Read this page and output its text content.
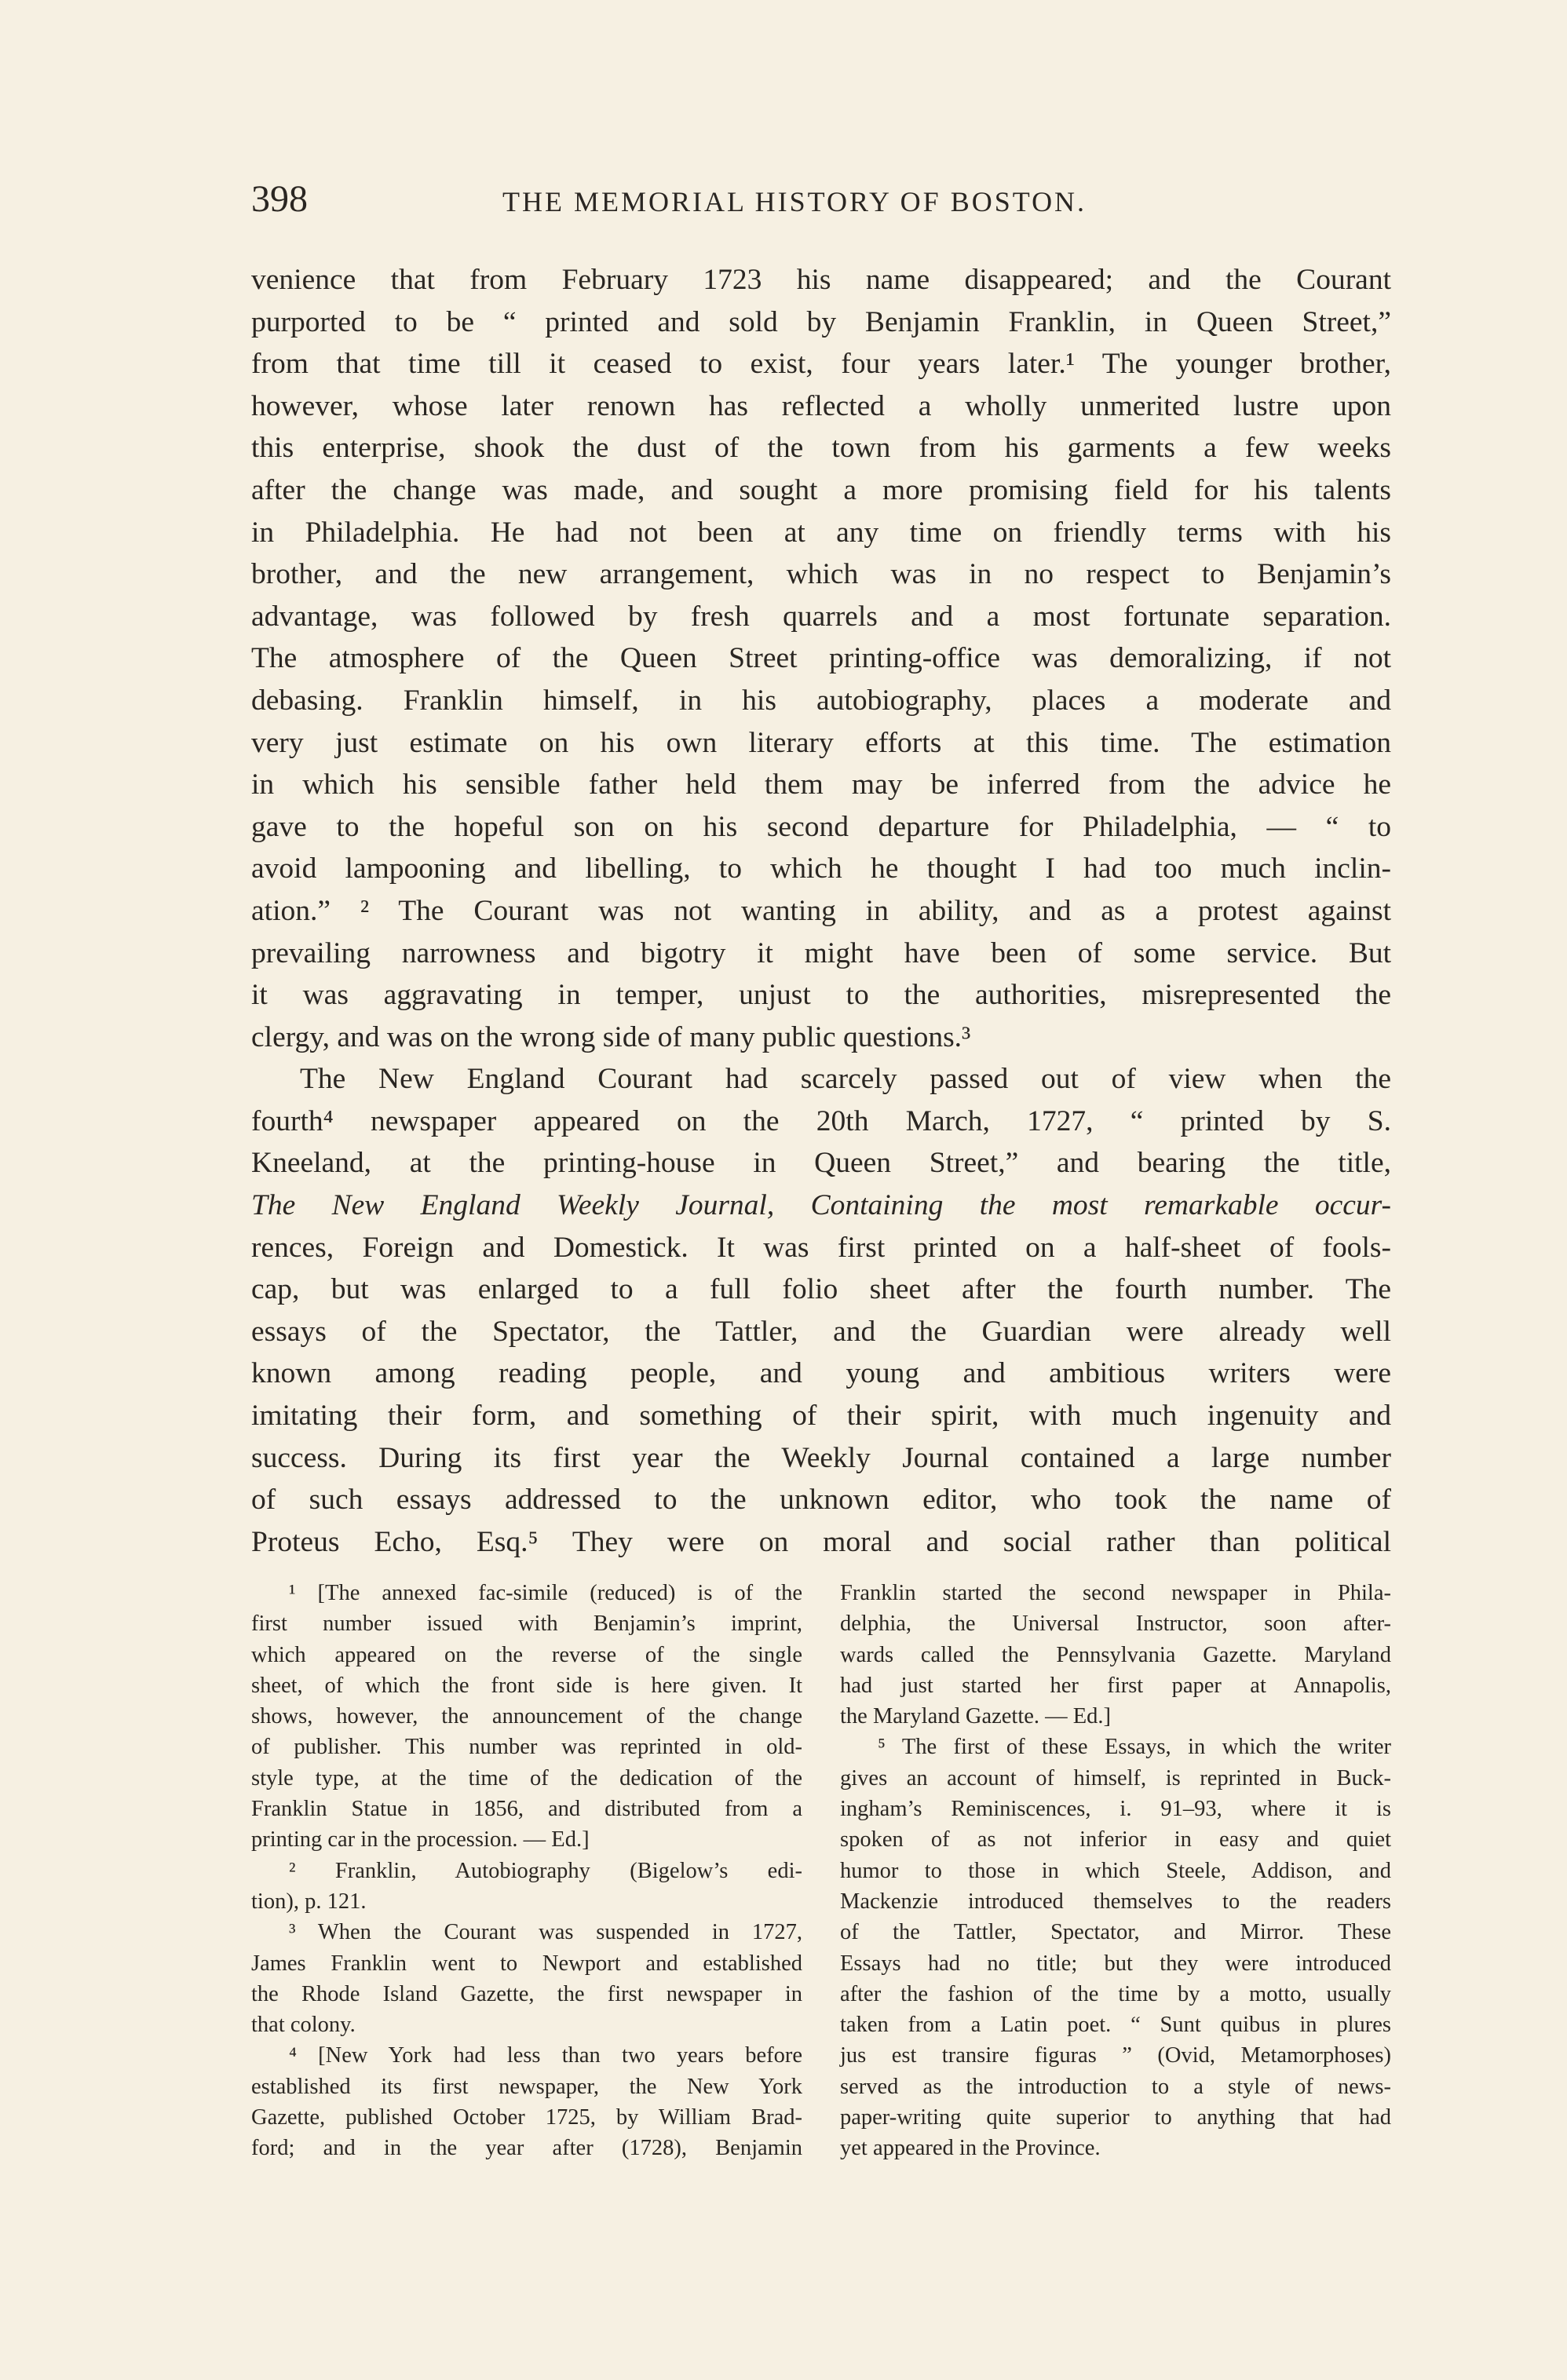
398	THE MEMORIAL HISTORY OF BOSTON.
venience that from February 1723 his name disappeared; and the Courant
purported to be “ printed and sold by Benjamin Franklin, in Queen Street,”
from that time till it ceased to exist, four years later.¹ The younger brother,
however, whose later renown has reflected a wholly unmerited lustre upon
this enterprise, shook the dust of the town from his garments a few weeks
after the change was made, and sought a more promising field for his talents
in Philadelphia. He had not been at any time on friendly terms with his
brother, and the new arrangement, which was in no respect to Benjamin’s
advantage, was followed by fresh quarrels and a most fortunate separation.
The atmosphere of the Queen Street printing-office was demoralizing, if not
debasing. Franklin himself, in his autobiography, places a moderate and
very just estimate on his own literary efforts at this time. The estimation
in which his sensible father held them may be inferred from the advice he
gave to the hopeful son on his second departure for Philadelphia, — “ to
avoid lampooning and libelling, to which he thought I had too much inclin-
ation.” ² The Courant was not wanting in ability, and as a protest against
prevailing narrowness and bigotry it might have been of some service. But
it was aggravating in temper, unjust to the authorities, misrepresented the
clergy, and was on the wrong side of many public questions.³
The New England Courant had scarcely passed out of view when the
fourth⁴ newspaper appeared on the 20th March, 1727, “ printed by S.
Kneeland, at the printing-house in Queen Street,” and bearing the title,
The New England Weekly Journal, Containing the most remarkable occur-
rences, Foreign and Domestick. It was first printed on a half-sheet of fools-
cap, but was enlarged to a full folio sheet after the fourth number. The
essays of the Spectator, the Tattler, and the Guardian were already well
known among reading people, and young and ambitious writers were
imitating their form, and something of their spirit, with much ingenuity and
success. During its first year the Weekly Journal contained a large number
of such essays addressed to the unknown editor, who took the name of
Proteus Echo, Esq.⁵ They were on moral and social rather than political
¹ [The annexed fac-simile (reduced) is of the
first number issued with Benjamin’s imprint,
which appeared on the reverse of the single
sheet, of which the front side is here given. It
shows, however, the announcement of the change
of publisher. This number was reprinted in old-
style type, at the time of the dedication of the
Franklin Statue in 1856, and distributed from a
printing car in the procession. — Ed.]
² Franklin, Autobiography (Bigelow’s edi-
tion), p. 121.
³ When the Courant was suspended in 1727,
James Franklin went to Newport and established
the Rhode Island Gazette, the first newspaper in
that colony.
⁴ [New York had less than two years before
established its first newspaper, the New York
Gazette, published October 1725, by William Brad-
ford; and in the year after (1728), Benjamin
Franklin started the second newspaper in Phila-
delphia, the Universal Instructor, soon after-
wards called the Pennsylvania Gazette. Maryland
had just started her first paper at Annapolis,
the Maryland Gazette. — Ed.]
⁵ The first of these Essays, in which the writer
gives an account of himself, is reprinted in Buck-
ingham’s Reminiscences, i. 91–93, where it is
spoken of as not inferior in easy and quiet
humor to those in which Steele, Addison, and
Mackenzie introduced themselves to the readers
of the Tattler, Spectator, and Mirror. These
Essays had no title; but they were introduced
after the fashion of the time by a motto, usually
taken from a Latin poet. “ Sunt quibus in plures
jus est transire figuras ” (Ovid, Metamorphoses)
served as the introduction to a style of news-
paper-writing quite superior to anything that had
yet appeared in the Province.
